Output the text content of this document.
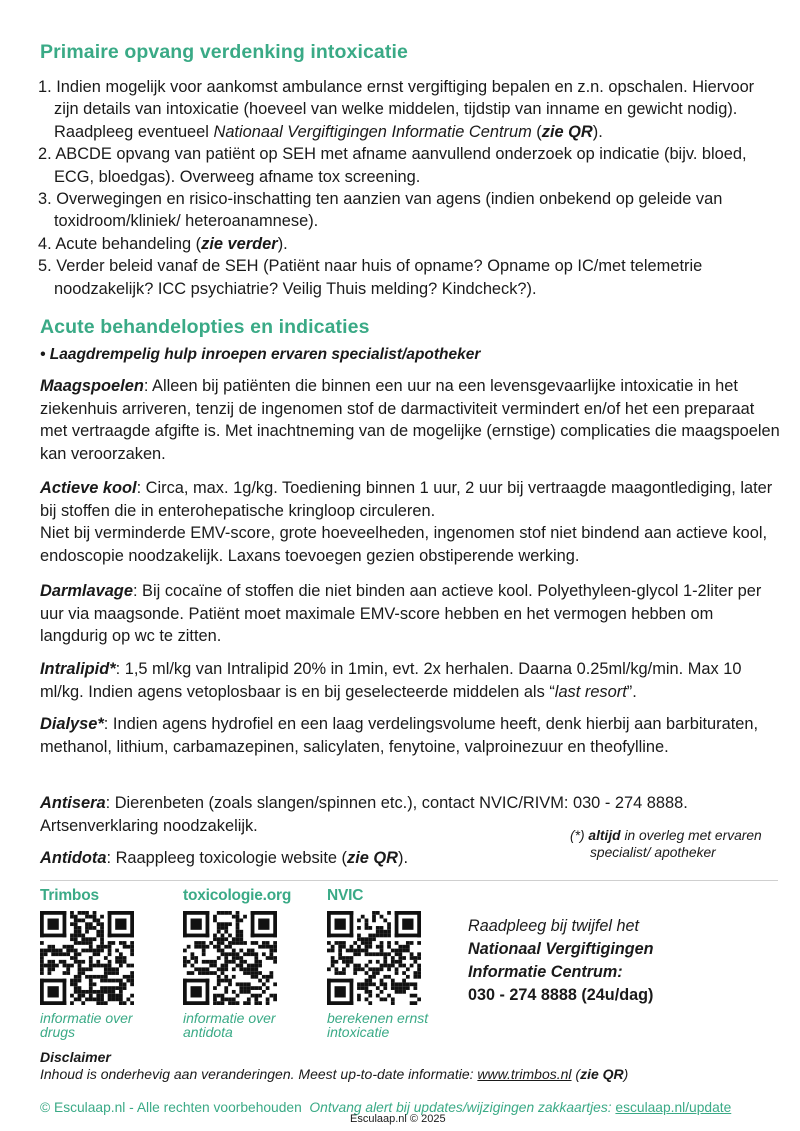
Primaire opvang verdenking intoxicatie
1. Indien mogelijk voor aankomst ambulance ernst vergiftiging bepalen en z.n. opschalen. Hiervoor zijn details van intoxicatie (hoeveel van welke middelen, tijdstip van inname en gewicht nodig). Raadpleeg eventueel Nationaal Vergiftigingen Informatie Centrum (zie QR).
2. ABCDE opvang van patiënt op SEH met afname aanvullend onderzoek op indicatie (bijv. bloed, ECG, bloedgas). Overweeg afname tox screening.
3. Overwegingen en risico-inschatting ten aanzien van agens (indien onbekend op geleide van toxidroom/kliniek/ heteroanamnese).
4. Acute behandeling (zie verder).
5. Verder beleid vanaf de SEH (Patiënt naar huis of opname? Opname op IC/met telemetrie noodzakelijk? ICC psychiatrie? Veilig Thuis melding? Kindcheck?).
Acute behandelopties en indicaties
• Laagdrempelig hulp inroepen ervaren specialist/apotheker

Maagspoelen: Alleen bij patiënten die binnen een uur na een levensgevaarlijke intoxicatie in het ziekenhuis arriveren, tenzij de ingenomen stof de darmactiviteit vermindert en/of het een preparaat met vertraagde afgifte is. Met inachtneming van de mogelijke (ernstige) complicaties die maagspoelen kan veroorzaken.

Actieve kool: Circa, max. 1g/kg. Toediening binnen 1 uur, 2 uur bij vertraagde maagontlediging, later bij stoffen die in enterohepatische kringloop circuleren.
Niet bij verminderde EMV-score, grote hoeveelheden, ingenomen stof niet bindend aan actieve kool, endoscopie noodzakelijk. Laxans toevoegen gezien obstiperende werking.

Darmlavage: Bij cocaïne of stoffen die niet binden aan actieve kool. Polyethyleen-glycol 1-2liter per uur via maagsonde. Patiënt moet maximale EMV-score hebben en het vermogen hebben om langdurig op wc te zitten.

Intralipid*: 1,5 ml/kg van Intralipid 20% in 1min, evt. 2x herhalen. Daarna 0.25ml/kg/min. Max 10 ml/kg. Indien agens vetoplosbaar is en bij geselecteerde middelen als “last resort”.

Dialyse*: Indien agens hydrofiel en een laag verdelingsvolume heeft, denk hierbij aan barbituraten, methanol, lithium, carbamazepinen, salicylaten, fenytoine, valproinezuur en theofylline.

Antisera: Dierenbeten (zoals slangen/spinnen etc.), contact NVIC/RIVM: 030 - 274 8888. Artsenverklaring noodzakelijk.

Antidota: Raappleeg toxicologie website (zie QR).

(*) altijd in overleg met ervaren
specialist/ apotheker
Trimbos
informatie over
drugs
toxicologie.org
informatie over
antidota
NVIC
berekenen ernst
intoxicatie
Raadpleeg bij twijfel het
Nationaal Vergiftigingen
Informatie Centrum:
030 - 274 8888 (24u/dag)
Disclaimer
Inhoud is onderhevig aan veranderingen. Meest up-to-date informatie: www.trimbos.nl (zie QR)
© Esculaap.nl - Alle rechten voorbehouden Ontvang alert bij updates/wijzigingen zakkaartjes: esculaap.nl/update
Esculaap.nl © 2025
